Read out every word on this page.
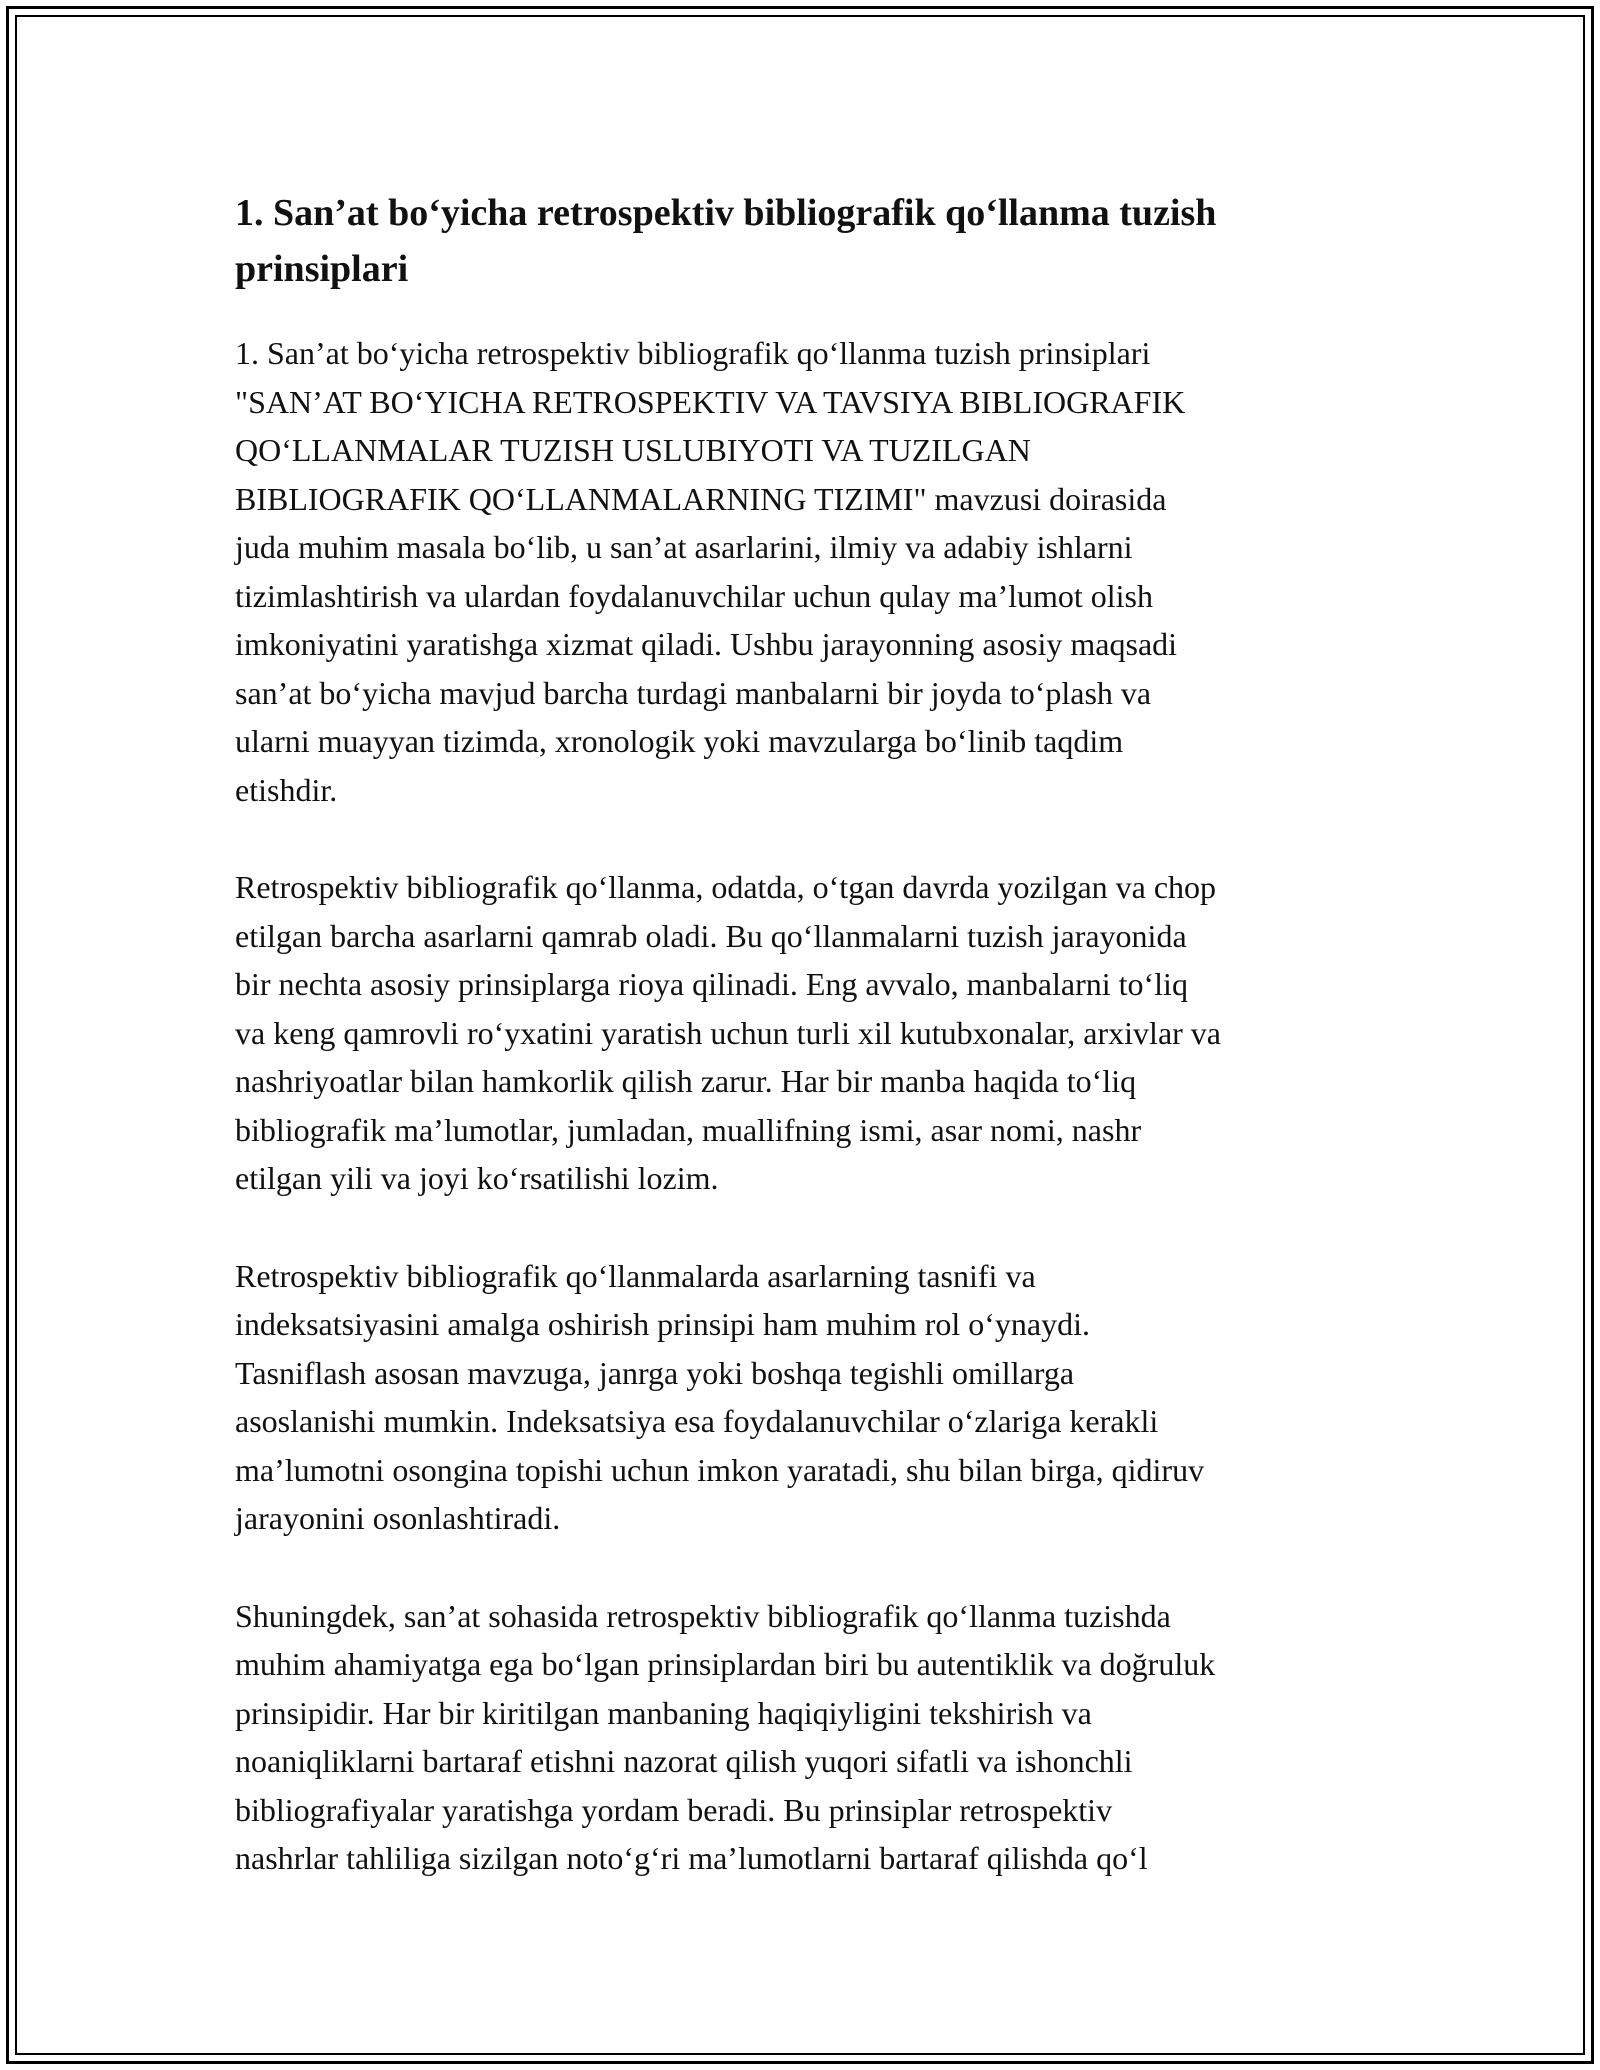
1. San’at bo‘yicha retrospektiv bibliografik qo‘llanma tuzish
prinsiplari

1. San’at bo‘yicha retrospektiv bibliografik qo‘llanma tuzish prinsiplari
"SAN’AT BO‘YICHA RETROSPEKTIV VA TAVSIYA BIBLIOGRAFIK
QO‘LLANMALAR TUZISH USLUBIYOTI VA TUZILGAN
BIBLIOGRAFIK QO‘LLANMALARNING TIZIMI" mavzusi doirasida
juda muhim masala bo‘lib, u san’at asarlarini, ilmiy va adabiy ishlarni
tizimlashtirish va ulardan foydalanuvchilar uchun qulay ma’lumot olish
imkoniyatini yaratishga xizmat qiladi. Ushbu jarayonning asosiy maqsadi
san’at bo‘yicha mavjud barcha turdagi manbalarni bir joyda to‘plash va
ularni muayyan tizimda, xronologik yoki mavzularga bo‘linib taqdim
etishdir.

Retrospektiv bibliografik qo‘llanma, odatda, o‘tgan davrda yozilgan va chop
etilgan barcha asarlarni qamrab oladi. Bu qo‘llanmalarni tuzish jarayonida
bir nechta asosiy prinsiplarga rioya qilinadi. Eng avvalo, manbalarni to‘liq
va keng qamrovli ro‘yxatini yaratish uchun turli xil kutubxonalar, arxivlar va
nashriyoatlar bilan hamkorlik qilish zarur. Har bir manba haqida to‘liq
bibliografik ma’lumotlar, jumladan, muallifning ismi, asar nomi, nashr
etilgan yili va joyi ko‘rsatilishi lozim.

Retrospektiv bibliografik qo‘llanmalarda asarlarning tasnifi va
indeksatsiyasini amalga oshirish prinsipi ham muhim rol o‘ynaydi.
Tasniflash asosan mavzuga, janrga yoki boshqa tegishli omillarga
asoslanishi mumkin. Indeksatsiya esa foydalanuvchilar o‘zlariga kerakli
ma’lumotni osongina topishi uchun imkon yaratadi, shu bilan birga, qidiruv
jarayonini osonlashtiradi.

Shuningdek, san’at sohasida retrospektiv bibliografik qo‘llanma tuzishda
muhim ahamiyatga ega bo‘lgan prinsiplardan biri bu autentiklik va doğruluk
prinsipidir. Har bir kiritilgan manbaning haqiqiyligini tekshirish va
noaniqliklarni bartaraf etishni nazorat qilish yuqori sifatli va ishonchli
bibliografiyalar yaratishga yordam beradi. Bu prinsiplar retrospektiv
nashrlar tahliliga sizilgan noto‘g‘ri ma’lumotlarni bartaraf qilishda qo‘l
